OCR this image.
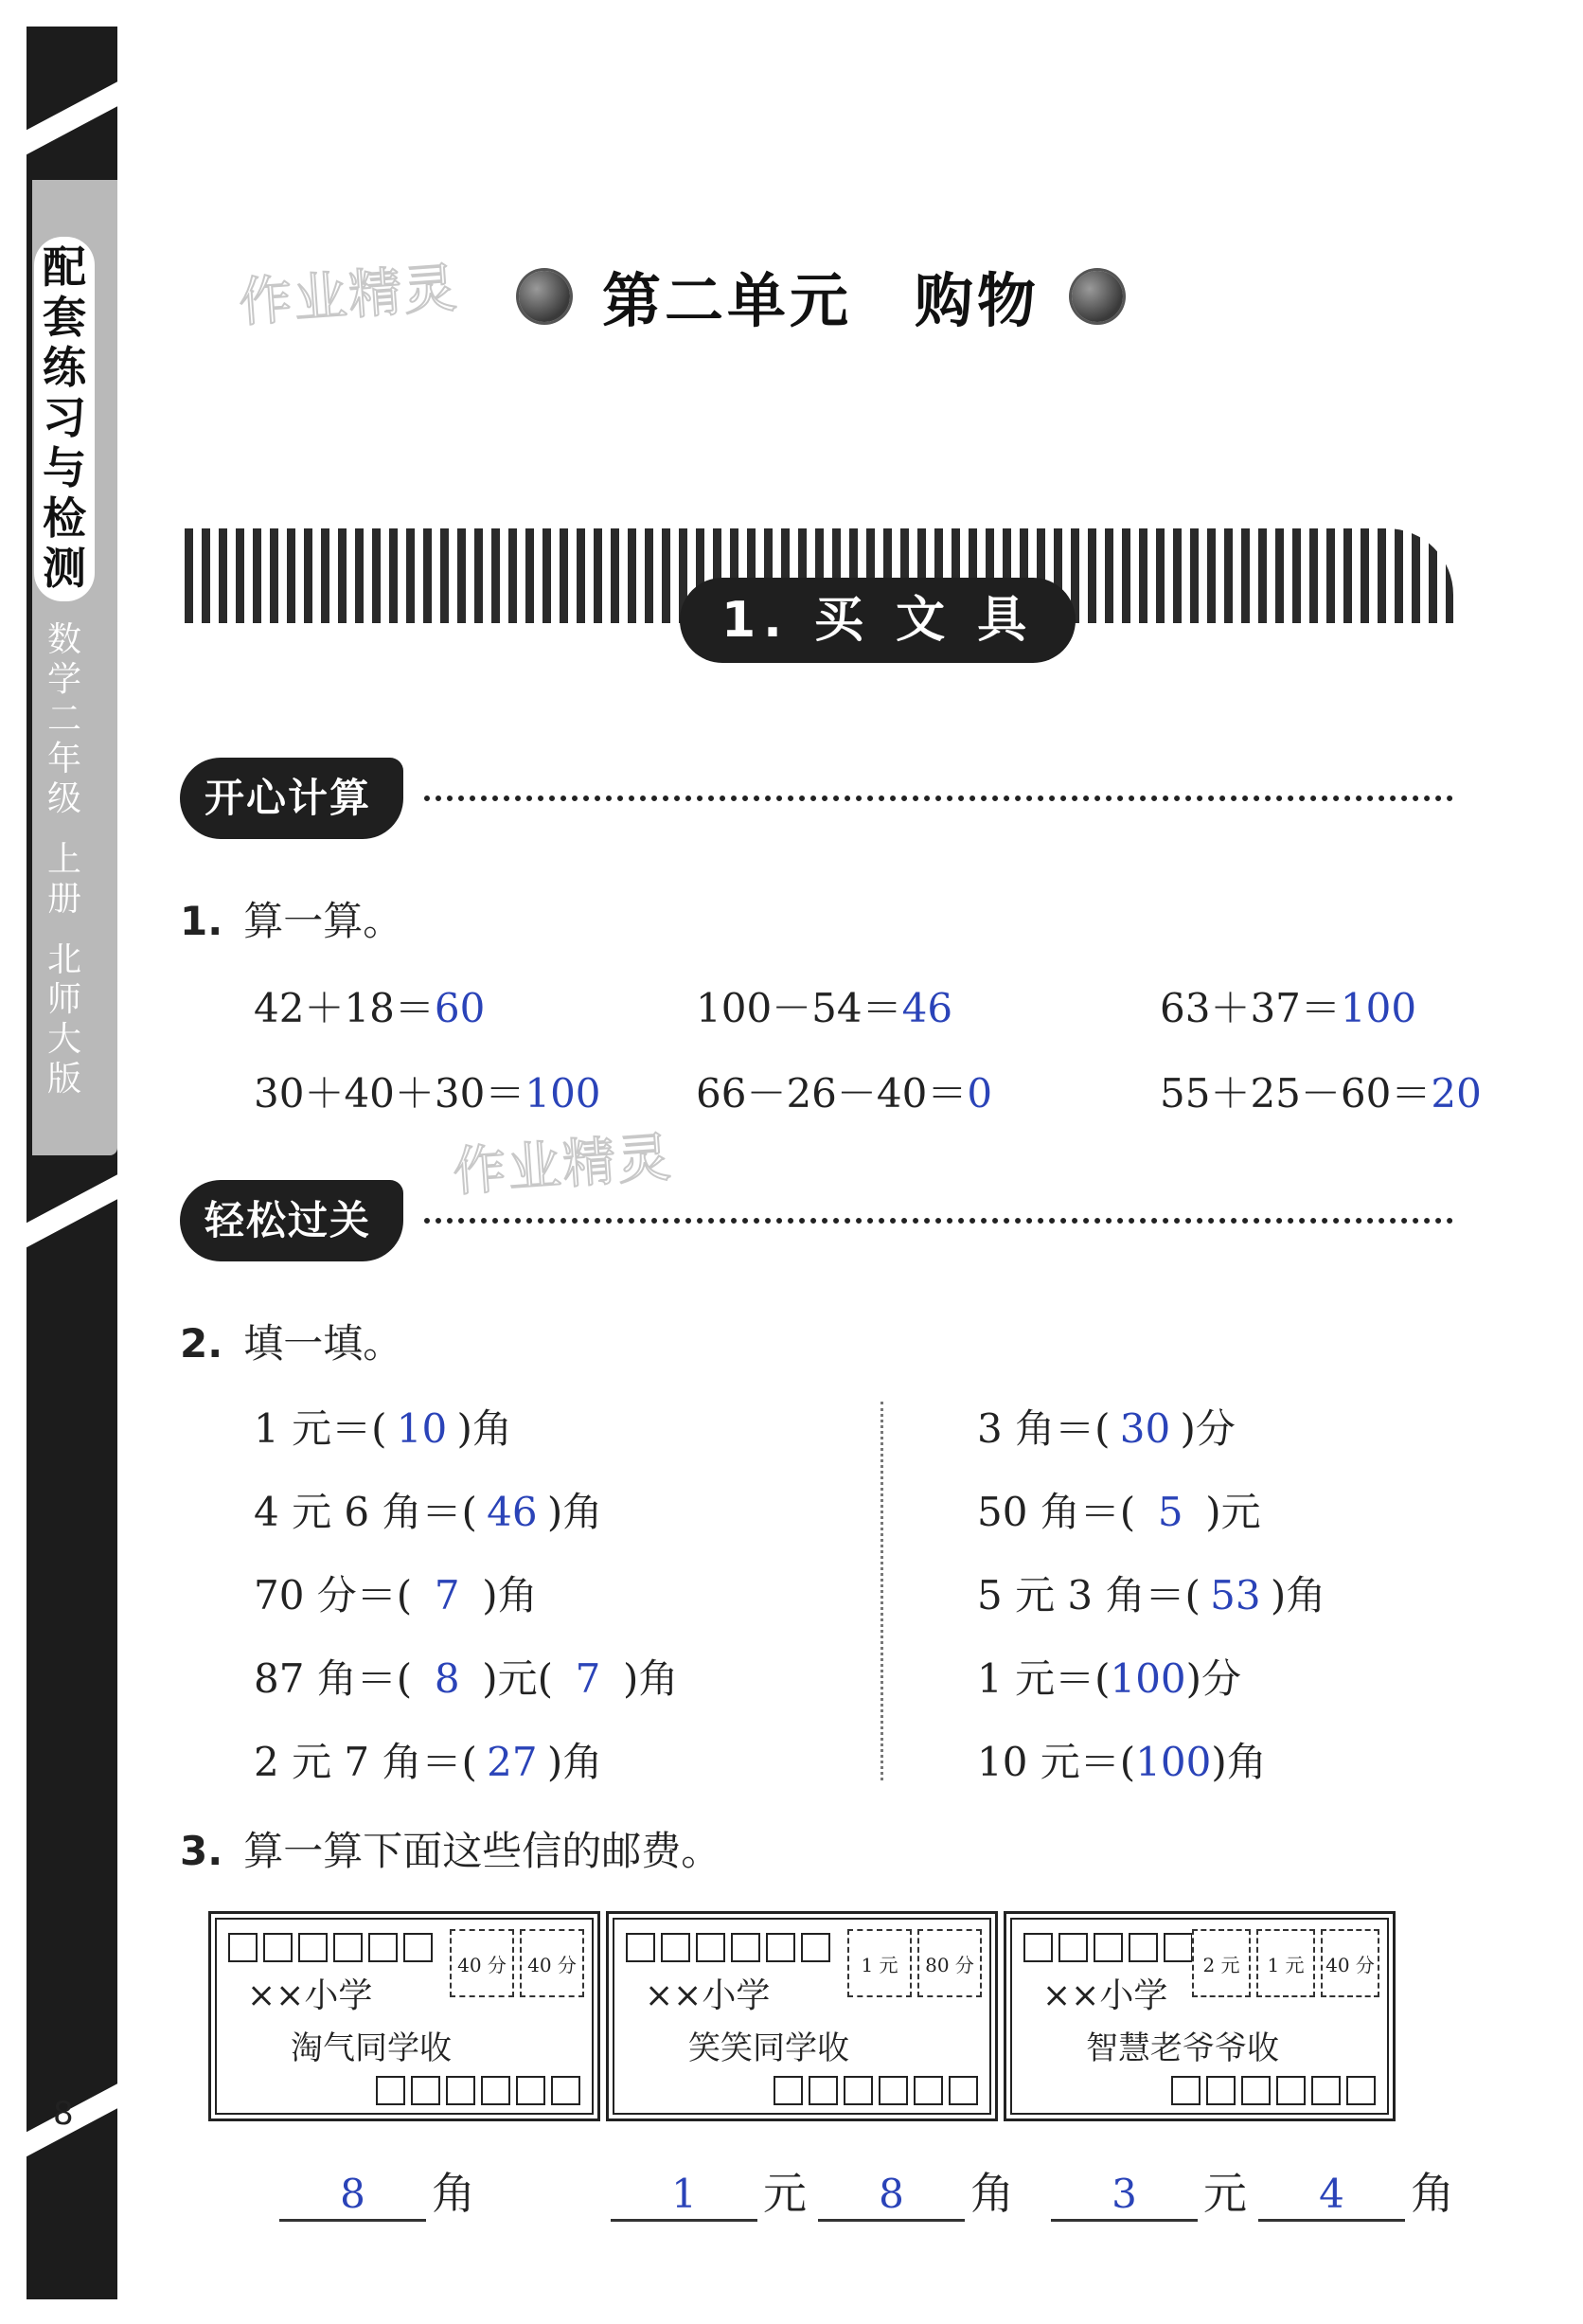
配
套
练
习
与
检
测
数
学
二
年
级
上
册
北
师
大
版
8
作业精灵
作业精灵
第二单元　购物
1. 买 文 具
开心计算
1. 算一算。
42＋18＝60	100－54＝46	63＋37＝100
30＋40＋30＝100 66－26－40＝0	55＋25－60＝20
轻松过关
2. 填一填。
1 元＝( 10 )角
4 元 6 角＝( 46 )角
70 分＝( 7 )角
87 角＝( 8 )元( 7 )角
2 元 7 角＝( 27 )角
3 角＝( 30 )分
50 角＝( 5 )元
5 元 3 角＝( 53 )角
1 元＝(100)分
10 元＝(100)角
3. 算一算下面这些信的邮费。
40 分	40 分
××小学
淘气同学收
1 元	80 分
××小学
笑笑同学收
2 元	1 元	40 分
××小学
智慧老爷爷收
8	角	1	元	8	角	3	元	4	角
